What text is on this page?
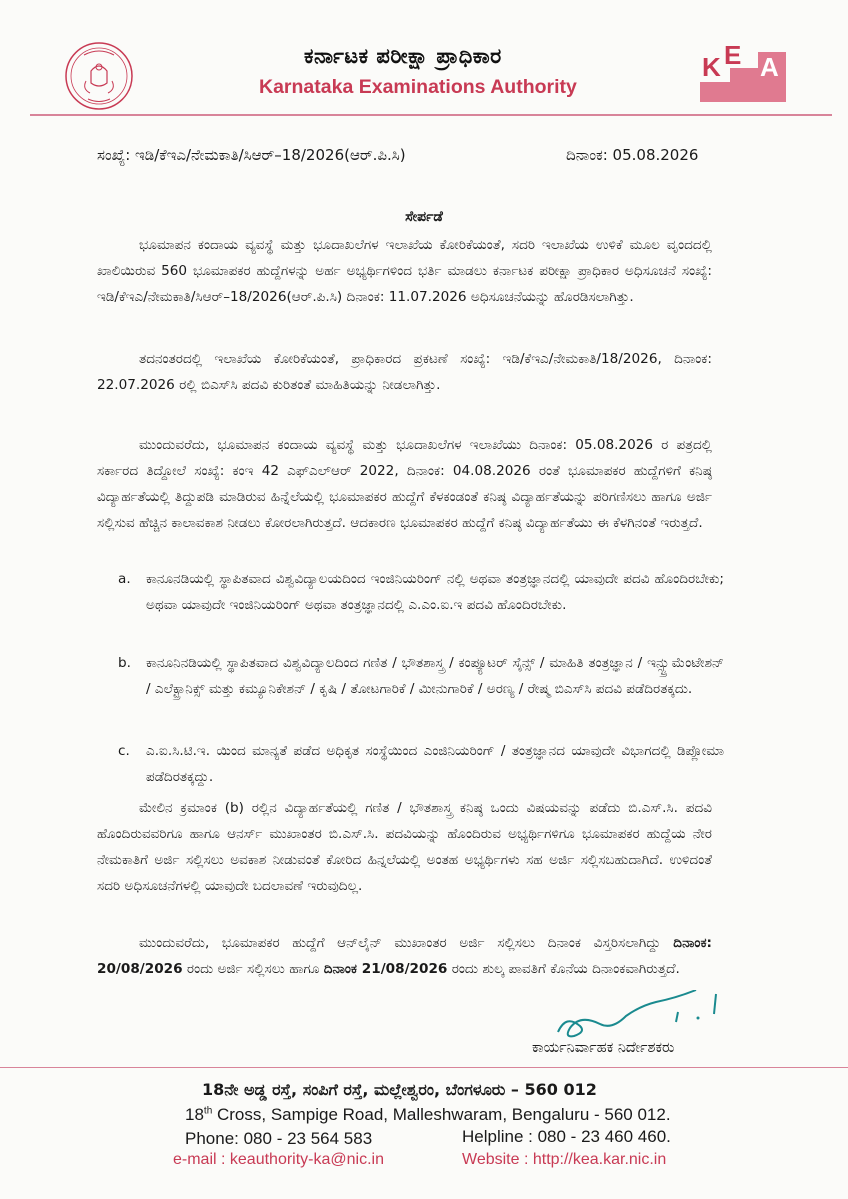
ಕರ್ನಾಟಕ ಪರೀಕ್ಷಾ ಪ್ರಾಧಿಕಾರ
Karnataka Examinations Authority
K E A
ಸಂಖ್ಯೆ: ಇಡಿ/ಕೆಇಎ/ನೇಮಕಾತಿ/ಸಿಆರ್–18/2026(ಆರ್.ಪಿ.ಸಿ)	ದಿನಾಂಕ: 05.08.2026
ಸೇರ್ಪಡೆ

ಭೂಮಾಪನ ಕಂದಾಯ ವ್ಯವಸ್ಥೆ ಮತ್ತು ಭೂದಾಖಲೆಗಳ ಇಲಾಖೆಯ ಕೋರಿಕೆಯಂತೆ, ಸದರಿ ಇಲಾಖೆಯ ಉಳಿಕೆ ಮೂಲ ವೃಂದದಲ್ಲಿ ಖಾಲಿಯಿರುವ 560 ಭೂಮಾಪಕರ ಹುದ್ದೆಗಳನ್ನು ಅರ್ಹ ಅಭ್ಯರ್ಥಿಗಳಿಂದ ಭರ್ತಿ ಮಾಡಲು ಕರ್ನಾಟಕ ಪರೀಕ್ಷಾ ಪ್ರಾಧಿಕಾರ ಅಧಿಸೂಚನೆ ಸಂಖ್ಯೆ: ಇಡಿ/ಕೆಇಎ/ನೇಮಕಾತಿ/ಸಿಆರ್–18/2026(ಆರ್.ಪಿ.ಸಿ) ದಿನಾಂಕ: 11.07.2026 ಅಧಿಸೂಚನೆಯನ್ನು ಹೊರಡಿಸಲಾಗಿತ್ತು.

ತದನಂತರದಲ್ಲಿ ಇಲಾಖೆಯ ಕೋರಿಕೆಯಂತೆ, ಪ್ರಾಧಿಕಾರದ ಪ್ರಕಟಣೆ ಸಂಖ್ಯೆ: ಇಡಿ/ಕೆಇಎ/ನೇಮಕಾತಿ/18/2026, ದಿನಾಂಕ: 22.07.2026 ರಲ್ಲಿ ಬಿಎಸ್‌ಸಿ ಪದವಿ ಕುರಿತಂತೆ ಮಾಹಿತಿಯನ್ನು ನೀಡಲಾಗಿತ್ತು.

ಮುಂದುವರೆದು, ಭೂಮಾಪನ ಕಂದಾಯ ವ್ಯವಸ್ಥೆ ಮತ್ತು ಭೂದಾಖಲೆಗಳ ಇಲಾಖೆಯು ದಿನಾಂಕ: 05.08.2026 ರ ಪತ್ರದಲ್ಲಿ ಸರ್ಕಾರದ ತಿದ್ದೋಲೆ ಸಂಖ್ಯೆ: ಕಂಇ 42 ಎಫ್‌ಎಲ್‌ಆರ್ 2022, ದಿನಾಂಕ: 04.08.2026 ರಂತೆ ಭೂಮಾಪಕರ ಹುದ್ದೆಗಳಿಗೆ ಕನಿಷ್ಠ ವಿದ್ಯಾರ್ಹತೆಯಲ್ಲಿ ತಿದ್ದುಪಡಿ ಮಾಡಿರುವ ಹಿನ್ನೆಲೆಯಲ್ಲಿ ಭೂಮಾಪಕರ ಹುದ್ದೆಗೆ ಕೆಳಕಂಡಂತೆ ಕನಿಷ್ಠ ವಿದ್ಯಾರ್ಹತೆಯನ್ನು ಪರಿಗಣಿಸಲು ಹಾಗೂ ಅರ್ಜಿ ಸಲ್ಲಿಸುವ ಹೆಚ್ಚಿನ ಕಾಲಾವಕಾಶ ನೀಡಲು ಕೋರಲಾಗಿರುತ್ತದೆ. ಆದಕಾರಣ ಭೂಮಾಪಕರ ಹುದ್ದೆಗೆ ಕನಿಷ್ಠ ವಿದ್ಯಾರ್ಹತೆಯು ಈ ಕೆಳಗಿನಂತೆ ಇರುತ್ತದೆ.

a.	ಕಾನೂನಡಿಯಲ್ಲಿ ಸ್ಥಾಪಿತವಾದ ವಿಶ್ವವಿದ್ಯಾಲಯದಿಂದ ಇಂಜಿನಿಯರಿಂಗ್ ನಲ್ಲಿ ಅಥವಾ ತಂತ್ರಜ್ಞಾನದಲ್ಲಿ ಯಾವುದೇ ಪದವಿ ಹೊಂದಿರಬೇಕು; ಅಥವಾ ಯಾವುದೇ ಇಂಜಿನಿಯರಿಂಗ್ ಅಥವಾ ತಂತ್ರಜ್ಞಾನದಲ್ಲಿ ಎ.ಎಂ.ಐ.ಇ ಪದವಿ ಹೊಂದಿರಬೇಕು.
b.	ಕಾನೂನಿನಡಿಯಲ್ಲಿ ಸ್ಥಾಪಿತವಾದ ವಿಶ್ವವಿದ್ಯಾಲದಿಂದ ಗಣಿತ / ಭೌತಶಾಸ್ತ್ರ / ಕಂಪ್ಯೂಟರ್ ಸೈನ್ಸ್ / ಮಾಹಿತಿ ತಂತ್ರಜ್ಞಾನ / ಇನ್ಸ್ಟ್ರುಮೆಂಟೇಶನ್ / ಎಲೆಕ್ಟ್ರಾನಿಕ್ಸ್ ಮತ್ತು ಕಮ್ಯೂನಿಕೇಶನ್ / ಕೃಷಿ / ತೋಟಗಾರಿಕೆ / ಮೀನುಗಾರಿಕೆ / ಅರಣ್ಯ / ರೇಷ್ಮ ಬಿಎಸ್‌ಸಿ ಪದವಿ ಪಡೆದಿರತಕ್ಕದು.
c.	ಎ.ಐ.ಸಿ.ಟಿ.ಇ. ಯಿಂದ ಮಾನ್ಯತೆ ಪಡೆದ ಅಧಿಕೃತ ಸಂಸ್ಥೆಯಿಂದ ಎಂಜಿನಿಯರಿಂಗ್ / ತಂತ್ರಜ್ಞಾನದ ಯಾವುದೇ ವಿಭಾಗದಲ್ಲಿ ಡಿಪ್ಲೋಮಾ ಪಡೆದಿರತಕ್ಕದ್ದು.

ಮೇಲಿನ ಕ್ರಮಾಂಕ (b) ರಲ್ಲಿನ ವಿದ್ಯಾರ್ಹತೆಯಲ್ಲಿ ಗಣಿತ / ಭೌತಶಾಸ್ತ್ರ ಕನಿಷ್ಠ ಒಂದು ವಿಷಯವನ್ನು ಪಡೆದು ಬಿ.ಎಸ್.ಸಿ. ಪದವಿ ಹೊಂದಿರುವವರಿಗೂ ಹಾಗೂ ಆನರ್ಸ್ ಮುಖಾಂತರ ಬಿ.ಎಸ್.ಸಿ. ಪದವಿಯನ್ನು ಹೊಂದಿರುವ ಅಭ್ಯರ್ಥಿಗಳಿಗೂ ಭೂಮಾಪಕರ ಹುದ್ದೆಯ ನೇರ ನೇಮಕಾತಿಗೆ ಅರ್ಜಿ ಸಲ್ಲಿಸಲು ಅವಕಾಶ ನೀಡುವಂತೆ ಕೋರಿದ ಹಿನ್ನಲೆಯಲ್ಲಿ ಅಂತಹ ಅಭ್ಯರ್ಥಿಗಳು ಸಹ ಅರ್ಜಿ ಸಲ್ಲಿಸಬಹುದಾಗಿದೆ. ಉಳಿದಂತೆ ಸದರಿ ಅಧಿಸೂಚನೆಗಳಲ್ಲಿ ಯಾವುದೇ ಬದಲಾವಣೆ ಇರುವುದಿಲ್ಲ.

ಮುಂದುವರೆದು, ಭೂಮಾಪಕರ ಹುದ್ದೆಗೆ ಆನ್‌ಲೈನ್ ಮುಖಾಂತರ ಅರ್ಜಿ ಸಲ್ಲಿಸಲು ದಿನಾಂಕ ವಿಸ್ತರಿಸಲಾಗಿದ್ದು ದಿನಾಂಕ: 20/08/2026 ರಂದು ಅರ್ಜಿ ಸಲ್ಲಿಸಲು ಹಾಗೂ ದಿನಾಂಕ 21/08/2026 ರಂದು ಶುಲ್ಕ ಪಾವತಿಗೆ ಕೊನೆಯ ದಿನಾಂಕವಾಗಿರುತ್ತದೆ.

ಕಾರ್ಯನಿರ್ವಾಹಕ ನಿರ್ದೇಶಕರು
18ನೇ ಅಡ್ಡ ರಸ್ತೆ, ಸಂಪಿಗೆ ರಸ್ತೆ, ಮಲ್ಲೇಶ್ವರಂ, ಬೆಂಗಳೂರು – 560 012
18th Cross, Sampige Road, Malleshwaram, Bengaluru - 560 012.
Phone: 080 - 23 564 583	Helpline : 080 - 23 460 460.
e-mail : keauthority-ka@nic.in	Website : http://kea.kar.nic.in
